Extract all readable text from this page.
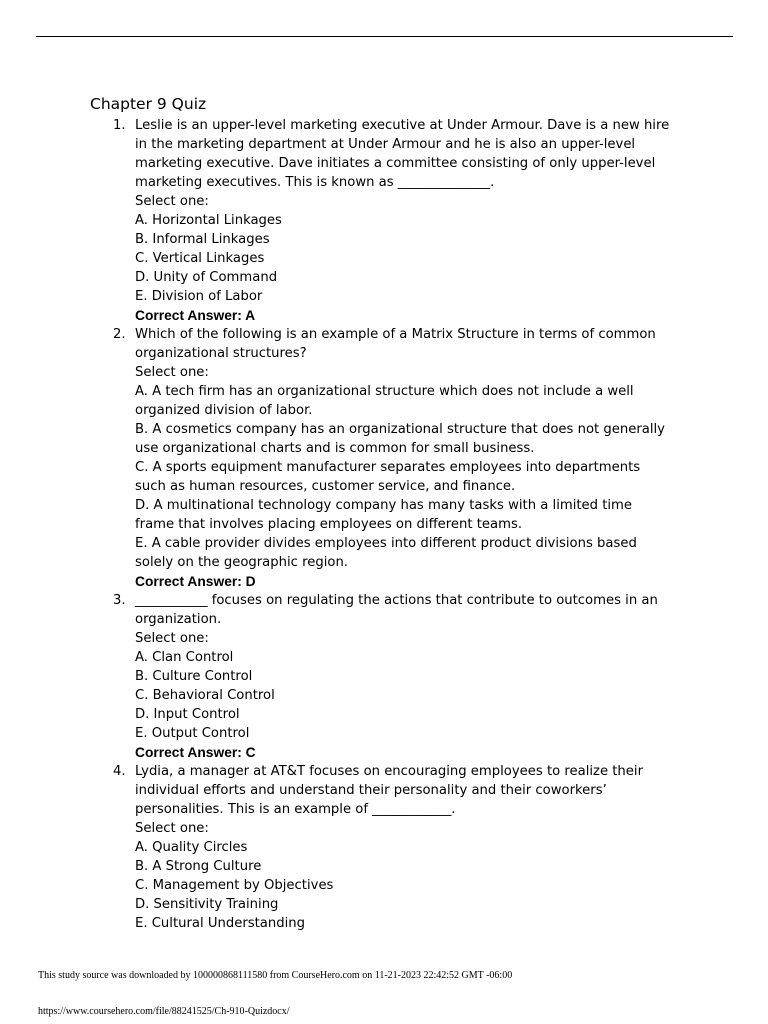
Chapter 9 Quiz
1. Leslie is an upper-level marketing executive at Under Armour. Dave is a new hire in the marketing department at Under Armour and he is also an upper-level marketing executive. Dave initiates a committee consisting of only upper-level marketing executives. This is known as ______________.
Select one:
A. Horizontal Linkages
B. Informal Linkages
C. Vertical Linkages
D. Unity of Command
E. Division of Labor
Correct Answer: A
2. Which of the following is an example of a Matrix Structure in terms of common organizational structures?
Select one:
A. A tech firm has an organizational structure which does not include a well organized division of labor.
B. A cosmetics company has an organizational structure that does not generally use organizational charts and is common for small business.
C. A sports equipment manufacturer separates employees into departments such as human resources, customer service, and finance.
D. A multinational technology company has many tasks with a limited time frame that involves placing employees on different teams.
E. A cable provider divides employees into different product divisions based solely on the geographic region.
Correct Answer: D
3. ___________ focuses on regulating the actions that contribute to outcomes in an organization.
Select one:
A. Clan Control
B. Culture Control
C. Behavioral Control
D. Input Control
E. Output Control
Correct Answer: C
4. Lydia, a manager at AT&T focuses on encouraging employees to realize their individual efforts and understand their personality and their coworkers’ personalities. This is an example of ____________.
Select one:
A. Quality Circles
B. A Strong Culture
C. Management by Objectives
D. Sensitivity Training
E. Cultural Understanding
This study source was downloaded by 100000868111580 from CourseHero.com on 11-21-2023 22:42:52 GMT -06:00
https://www.coursehero.com/file/88241525/Ch-910-Quizdocx/
